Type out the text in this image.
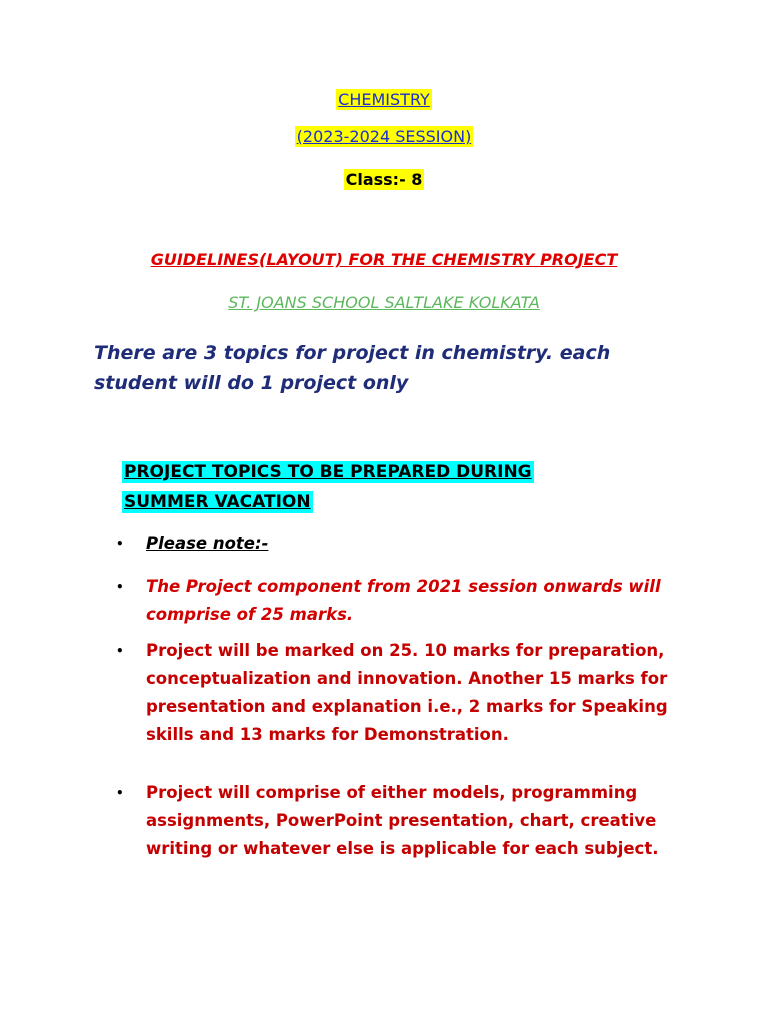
CHEMISTRY
(2023-2024 SESSION)
Class:- 8
GUIDELINES(LAYOUT) FOR THE CHEMISTRY PROJECT
ST. JOANS SCHOOL SALTLAKE KOLKATA
There are 3 topics for project in chemistry. each student will do 1 project only
PROJECT TOPICS TO BE PREPARED DURING
SUMMER VACATION
• Please note:-
• The Project component from 2021 session onwards will comprise of 25 marks.
• Project will be marked on 25. 10 marks for preparation, conceptualization and innovation. Another 15 marks for presentation and explanation i.e., 2 marks for Speaking skills and 13 marks for Demonstration.
• Project will comprise of either models, programming assignments, PowerPoint presentation, chart, creative writing or whatever else is applicable for each subject.
